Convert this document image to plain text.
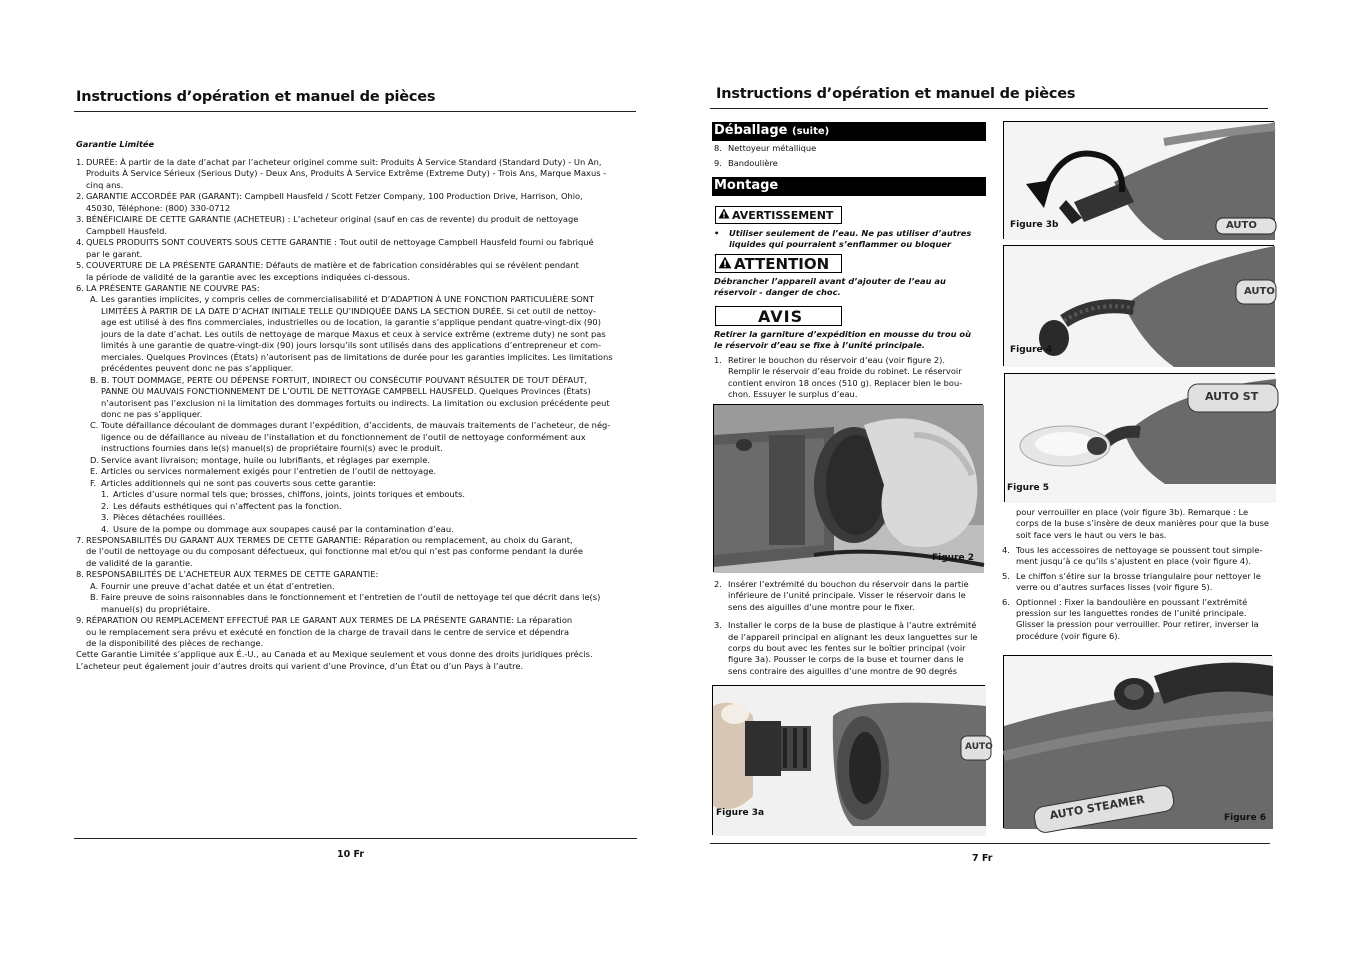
Instructions d’opération et manuel de pièces
Garantie Limitée
1. DURÉE: À partir de la date d’achat par l’acheteur originel comme suit: Produits À Service Standard (Standard Duty) - Un An,
Produits À Service Sérieux (Serious Duty) - Deux Ans, Produits À Service Extrême (Extreme Duty) - Trois Ans, Marque Maxus -
cinq ans.
2. GARANTIE ACCORDÉE PAR (GARANT): Campbell Hausfeld / Scott Fetzer Company, 100 Production Drive, Harrison, Ohio,
45030, Téléphone: (800) 330-0712
3. BÉNÉFICIAIRE DE CETTE GARANTIE (ACHETEUR) : L’acheteur original (sauf en cas de revente) du produit de nettoyage
Campbell Hausfeld.
4. QUELS PRODUITS SONT COUVERTS SOUS CETTE GARANTIE : Tout outil de nettoyage Campbell Hausfeld fourni ou fabriqué
par le garant.
5. COUVERTURE DE LA PRÉSENTE GARANTIE: Défauts de matière et de fabrication considérables qui se révèlent pendant
la période de validité de la garantie avec les exceptions indiquées ci-dessous.
6. LA PRÉSENTE GARANTIE NE COUVRE PAS:
A. Les garanties implicites, y compris celles de commercialisabilité et D’ADAPTION À UNE FONCTION PARTICULIÈRE SONT
LIMITÉES À PARTIR DE LA DATE D’ACHAT INITIALE TELLE QU’INDIQUÉE DANS LA SECTION DURÉE. Si cet outil de nettoy-
age est utilisé à des fins commerciales, industrielles ou de location, la garantie s’applique pendant quatre-vingt-dix (90)
jours de la date d’achat. Les outils de nettoyage de marque Maxus et ceux à service extrême (extreme duty) ne sont pas
limités à une garantie de quatre-vingt-dix (90) jours lorsqu’ils sont utilisés dans des applications d’entrepreneur et com-
merciales. Quelques Provinces (États) n’autorisent pas de limitations de durée pour les garanties implicites. Les limitations
précédentes peuvent donc ne pas s’appliquer.
B. B. TOUT DOMMAGE, PERTE OU DÉPENSE FORTUIT, INDIRECT OU CONSÉCUTIF POUVANT RÉSULTER DE TOUT DÉFAUT,
PANNE OU MAUVAIS FONCTIONNEMENT DE L’OUTIL DE NETTOYAGE CAMPBELL HAUSFELD. Quelques Provinces (États)
n’autorisent pas l’exclusion ni la limitation des dommages fortuits ou indirects. La limitation ou exclusion précédente peut
donc ne pas s’appliquer.
C. Toute défaillance découlant de dommages durant l’expédition, d’accidents, de mauvais traitements de l’acheteur, de nég-
ligence ou de défaillance au niveau de l’installation et du fonctionnement de l’outil de nettoyage conformément aux
instructions fournies dans le(s) manuel(s) de propriétaire fourni(s) avec le produit.
D. Service avant livraison; montage, huile ou lubrifiants, et réglages par exemple.
E. Articles ou services normalement exigés pour l’entretien de l’outil de nettoyage.
F. Articles additionnels qui ne sont pas couverts sous cette garantie:
1. Articles d’usure normal tels que; brosses, chiffons, joints, joints toriques et embouts.
2. Les défauts esthétiques qui n’affectent pas la fonction.
3. Pièces détachées rouillées.
4. Usure de la pompe ou dommage aux soupapes causé par la contamination d’eau.
7. RESPONSABILITÉS DU GARANT AUX TERMES DE CETTE GARANTIE: Réparation ou remplacement, au choix du Garant,
de l’outil de nettoyage ou du composant défectueux, qui fonctionne mal et/ou qui n’est pas conforme pendant la durée
de validité de la garantie.
8. RESPONSABILITÉS DE L’ACHETEUR AUX TERMES DE CETTE GARANTIE:
A. Fournir une preuve d’achat datée et un état d’entretien.
B. Faire preuve de soins raisonnables dans le fonctionnement et l’entretien de l’outil de nettoyage tel que décrit dans le(s)
manuel(s) du propriétaire.
9. RÉPARATION OU REMPLACEMENT EFFECTUÉ PAR LE GARANT AUX TERMES DE LA PRÉSENTE GARANTIE: La réparation
ou le remplacement sera prévu et exécuté en fonction de la charge de travail dans le centre de service et dépendra
de la disponibilité des pièces de rechange.
Cette Garantie Limitée s’applique aux É.-U., au Canada et au Mexique seulement et vous donne des droits juridiques précis.
L’acheteur peut également jouir d’autres droits qui varient d’une Province, d’un État ou d’un Pays à l’autre.
10 Fr
Instructions d’opération et manuel de pièces
Déballage (suite)
8. Nettoyeur métallique
9. Bandoulière
Montage
AVERTISSEMENT
• Utiliser seulement de l’eau. Ne pas utiliser d’autres
liquides qui pourraient s’enflammer ou bloquer
‘ ATTENTION
Débrancher l’appareil avant d’ajouter de l’eau au
réservoir - danger de choc.
AVIS
Retirer la garniture d’expédition en mousse du trou où
le réservoir d’eau se fixe à l’unité principale.
1. Retirer le bouchon du réservoir d’eau (voir figure 2).
Remplir le réservoir d’eau froide du robinet. Le réservoir
contient environ 18 onces (510 g). Replacer bien le bou-
chon. Essuyer le surplus d’eau.
Figure 2
2. Insérer l’extrémité du bouchon du réservoir dans la partie
inférieure de l’unité principale. Visser le réservoir dans le
sens des aiguilles d’une montre pour le fixer.
3. Installer le corps de la buse de plastique à l’autre extrémité
de l’appareil principal en alignant les deux languettes sur le
corps du bout avec les fentes sur le boîtier principal (voir
figure 3a). Pousser le corps de la buse et tourner dans le
sens contraire des aiguilles d’une montre de 90 degrés
AUTO
Figure 3a
AUTO
Figure 3b
AUTO
Figure 4
AUTO ST
Figure 5
pour verrouiller en place (voir figure 3b). Remarque : Le
corps de la buse s’insère de deux manières pour que la buse
soit face vers le haut ou vers le bas.
4. Tous les accessoires de nettoyage se poussent tout simple-
ment jusqu’à ce qu’ils s’ajustent en place (voir figure 4).
5. Le chiffon s’étire sur la brosse triangulaire pour nettoyer le
verre ou d’autres surfaces lisses (voir figure 5).
6. Optionnel : Fixer la bandoulière en poussant l’extrémité
pression sur les languettes rondes de l’unité principale.
Glisser la pression pour verrouiller. Pour retirer, inverser la
procédure (voir figure 6).
AUTO STEAMER	Figure 6
7 Fr
